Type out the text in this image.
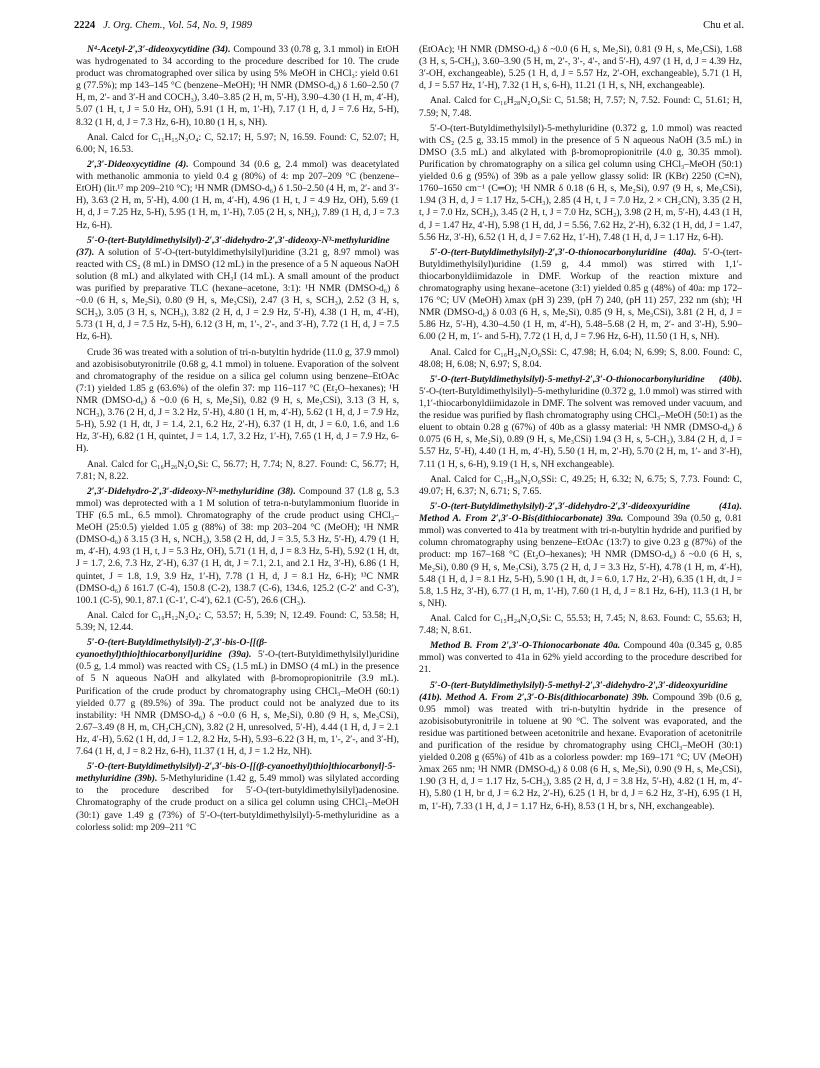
2224 J. Org. Chem., Vol. 54, No. 9, 1989	Chu et al.

N⁴-Acetyl-2′,3′-dideoxycytidine (34). Compound 33 (0.78 g, 3.1 mmol) in EtOH was hydrogenated to 34 according to the procedure described for 10. The crude product was chromatographed over silica by using 5% MeOH in CHCl₃: yield 0.61 g (77.5%); mp 143–145 °C (benzene–MeOH); ¹H NMR (DMSO-d₆) δ 1.60–2.50 (7 H, m, 2′- and 3′-H and COCH₃), 3.40–3.85 (2 H, m, 5′-H), 3.90–4.30 (1 H, m, 4′-H), 5.07 (1 H, t, J = 5.0 Hz, OH), 5.91 (1 H, m, 1′-H), 7.17 (1 H, d, J = 7.6 Hz, 5-H), 8.32 (1 H, d, J = 7.3 Hz, 6-H), 10.80 (1 H, s, NH).

Anal. Calcd for C₁₁H₁₅N₃O₄: C, 52.17; H, 5.97; N, 16.59. Found: C, 52.07; H, 6.00; N, 16.53.

2′,3′-Dideoxycytidine (4). Compound 34 (0.6 g, 2.4 mmol) was deacetylated with methanolic ammonia to yield 0.4 g (80%) of 4: mp 207–209 °C (benzene–EtOH) (lit.¹⁷ mp 209–210 °C); ¹H NMR (DMSO-d₆) δ 1.50–2.50 (4 H, m, 2′- and 3′-H), 3.63 (2 H, m, 5′-H), 4.00 (1 H, m, 4′-H), 4.96 (1 H, t, J = 4.9 Hz, OH), 5.69 (1 H, d, J = 7.25 Hz, 5-H), 5.95 (1 H, m, 1′-H), 7.05 (2 H, s, NH₂), 7.89 (1 H, d, J = 7.3 Hz, 6-H).

5′-O-(tert-Butyldimethylsilyl)-2′,3′-didehydro-2′,3′-dideoxy-N³-methyluridine (37). A solution of 5′-O-(tert-butyldimethylsilyl)uridine (3.21 g, 8.97 mmol) was reacted with CS₂ (8 mL) in DMSO (12 mL) in the presence of a 5 N aqueous NaOH solution (8 mL) and alkylated with CH₃I (14 mL). A small amount of the product was purified by preparative TLC (hexane–acetone, 3:1): ¹H NMR (DMSO-d₆) δ ~0.0 (6 H, s, Me₂Si), 0.80 (9 H, s, Me₃CSi), 2.47 (3 H, s, SCH₃), 2.52 (3 H, s, SCH₃), 3.05 (3 H, s, NCH₃), 3.82 (2 H, d, J = 2.9 Hz, 5′-H), 4.38 (1 H, m, 4′-H), 5.73 (1 H, d, J = 7.5 Hz, 5-H), 6.12 (3 H, m, 1′-, 2′-, and 3′-H), 7.72 (1 H, d, J = 7.5 Hz, 6-H).

Crude 36 was treated with a solution of tri-n-butyltin hydride (11.0 g, 37.9 mmol) and azobisisobutyronitrile (0.68 g, 4.1 mmol) in toluene. Evaporation of the solvent and chromatography of the residue on a silica gel column using benzene–EtOAc (7:1) yielded 1.85 g (63.6%) of the olefin 37: mp 116–117 °C (Et₂O–hexanes); ¹H NMR (DMSO-d₆) δ ~0.0 (6 H, s, Me₂Si), 0.82 (9 H, s, Me₃CSi), 3.13 (3 H, s, NCH₃), 3.76 (2 H, d, J = 3.2 Hz, 5′-H), 4.80 (1 H, m, 4′-H), 5.62 (1 H, d, J = 7.9 Hz, 5-H), 5.92 (1 H, dt, J = 1.4, 2.1, 6.2 Hz, 2′-H), 6.37 (1 H, dt, J = 6.0, 1.6, and 1.6 Hz, 3′-H), 6.82 (1 H, quintet, J = 1.4, 1.7, 3.2 Hz, 1′-H), 7.65 (1 H, d, J = 7.9 Hz, 6-H).

Anal. Calcd for C₁₆H₂₆N₂O₄Si: C, 56.77; H, 7.74; N, 8.27. Found: C, 56.77; H, 7.81; N, 8.22.

2′,3′-Didehydro-2′,3′-dideoxy-N³-methyluridine (38). Compound 37 (1.8 g, 5.3 mmol) was deprotected with a 1 M solution of tetra-n-butylammonium fluoride in THF (6.5 mL, 6.5 mmol). Chromatography of the crude product using CHCl₃–MeOH (25:0.5) yielded 1.05 g (88%) of 38: mp 203–204 °C (MeOH); ¹H NMR (DMSO-d₆) δ 3.15 (3 H, s, NCH₃), 3.58 (2 H, dd, J = 3.5, 5.3 Hz, 5′-H), 4.79 (1 H, m, 4′-H), 4.93 (1 H, t, J = 5.3 Hz, OH), 5.71 (1 H, d, J = 8.3 Hz, 5-H), 5.92 (1 H, dt, J = 1.7, 2.6, 7.3 Hz, 2′-H), 6.37 (1 H, dt, J = 7.1, 2.1, and 2.1 Hz, 3′-H), 6.86 (1 H, quintet, J = 1.8, 1.9, 3.9 Hz, 1′-H), 7.78 (1 H, d, J = 8.1 Hz, 6-H); ¹³C NMR (DMSO-d₆) δ 161.7 (C-4), 150.8 (C-2), 138.7 (C-6), 134.6, 125.2 (C-2′ and C-3′), 100.1 (C-5), 90.1, 87.1 (C-1′, C-4′), 62.1 (C-5′), 26.6 (CH₃).

Anal. Calcd for C₁₀H₁₂N₂O₄: C, 53.57; H, 5.39; N, 12.49. Found: C, 53.58; H, 5.39; N, 12.44.

5′-O-(tert-Butyldimethylsilyl)-2′,3′-bis-O-[[(β-cyanoethyl)thio]thiocarbonyl]uridine (39a). 5′-O-(tert-Butyldimethylsilyl)uridine (0.5 g, 1.4 mmol) was reacted with CS₂ (1.5 mL) in DMSO (4 mL) in the presence of 5 N aqueous NaOH and alkylated with β-bromopropionitrile (3.9 mL). Purification of the crude product by chromatography using CHCl₃–MeOH (60:1) yielded 0.77 g (89.5%) of 39a. The product could not be analyzed due to its instability: ¹H NMR (DMSO-d₆) δ ~0.0 (6 H, s, Me₂Si), 0.80 (9 H, s, Me₃CSi), 2.67–3.49 (8 H, m, CH₂CH₂CN), 3.82 (2 H, unresolved, 5′-H), 4.44 (1 H, d, J = 2.1 Hz, 4′-H), 5.62 (1 H, dd, J = 1.2, 8.2 Hz, 5-H), 5.93–6.22 (3 H, m, 1′-, 2′-, and 3′-H), 7.64 (1 H, d, J = 8.2 Hz, 6-H), 11.37 (1 H, d, J = 1.2 Hz, NH).

5′-O-(tert-Butyldimethylsilyl)-2′,3′-bis-O-[[(β-cyanoethyl)thio]thiocarbonyl]-5-methyluridine (39b). 5-Methyluridine (1.42 g, 5.49 mmol) was silylated according to the procedure described for 5′-O-(tert-butyldimethylsilyl)adenosine. Chromatography of the crude product on a silica gel column using CHCl₃–MeOH (30:1) gave 1.49 g (73%) of 5′-O-(tert-butyldimethylsilyl)-5-methyluridine as a colorless solid: mp 209–211 °C

(EtOAc); ¹H NMR (DMSO-d₆) δ ~0.0 (6 H, s, Me₂Si), 0.81 (9 H, s, Me₃CSi), 1.68 (3 H, s, 5-CH₃), 3.60–3.90 (5 H, m, 2′-, 3′-, 4′-, and 5′-H), 4.97 (1 H, d, J = 4.39 Hz, 3′-OH, exchangeable), 5.25 (1 H, d, J = 5.57 Hz, 2′-OH, exchangeable), 5.71 (1 H, d, J = 5.57 Hz, 1′-H), 7.32 (1 H, s, 6-H), 11.21 (1 H, s, NH, exchangeable).

Anal. Calcd for C₁₆H₂₈N₂O₆Si: C, 51.58; H, 7.57; N, 7.52. Found: C, 51.61; H, 7.59; N, 7.48.

5′-O-(tert-Butyldimethylsilyl)-5-methyluridine (0.372 g, 1.0 mmol) was reacted with CS₂ (2.5 g, 33.15 mmol) in the presence of 5 N aqueous NaOH (3.5 mL) in DMSO (3.5 mL) and alkylated with β-bromopropionitrile (4.0 g, 30.35 mmol). Purification by chromatography on a silica gel column using CHCl₃–MeOH (50:1) yielded 0.6 g (95%) of 39b as a pale yellow glassy solid: IR (KBr) 2250 (C≡N), 1760–1650 cm⁻¹ (C═O); ¹H NMR δ 0.18 (6 H, s, Me₂Si), 0.97 (9 H, s, Me₃CSi), 1.94 (3 H, d, J = 1.17 Hz, 5-CH₃), 2.85 (4 H, t, J = 7.0 Hz, 2 × CH₂CN), 3.35 (2 H, t, J = 7.0 Hz, SCH₂), 3.45 (2 H, t, J = 7.0 Hz, SCH₂), 3.98 (2 H, m, 5′-H), 4.43 (1 H, d, J = 1.47 Hz, 4′-H), 5.98 (1 H, dd, J = 5.56, 7.62 Hz, 2′-H), 6.32 (1 H, dd, J = 1.47, 5.56 Hz, 3′-H), 6.52 (1 H, d, J = 7.62 Hz, 1′-H), 7.48 (1 H, d, J = 1.17 Hz, 6-H).

5′-O-(tert-Butyldimethylsilyl)-2′,3′-O-thionocarbonyluridine (40a). 5′-O-(tert-Butyldimethylsilyl)uridine (1.59 g, 4.4 mmol) was stirred with 1,1′-thiocarbonyldiimidazole in DMF. Workup of the reaction mixture and chromatography using hexane–acetone (3:1) yielded 0.85 g (48%) of 40a: mp 172–176 °C; UV (MeOH) λmax (pH 3) 239, (pH 7) 240, (pH 11) 257, 232 nm (sh); ¹H NMR (DMSO-d₆) δ 0.03 (6 H, s, Me₂Si), 0.85 (9 H, s, Me₃CSi), 3.81 (2 H, d, J = 5.86 Hz, 5′-H), 4.30–4.50 (1 H, m, 4′-H), 5.48–5.68 (2 H, m, 2′- and 3′-H), 5.90–6.00 (2 H, m, 1′- and 5-H), 7.72 (1 H, d, J = 7.96 Hz, 6-H), 11.50 (1 H, s, NH).

Anal. Calcd for C₁₆H₂₄N₂O₆SSi: C, 47.98; H, 6.04; N, 6.99; S, 8.00. Found: C, 48.08; H, 6.08; N, 6.97; S, 8.04.

5′-O-(tert-Butyldimethylsilyl)-5-methyl-2′,3′-O-thionocarbonyluridine (40b). 5′-O-(tert-Butyldimethylsilyl)–5-methyluridine (0.372 g, 1.0 mmol) was stirred with 1,1′-thiocarbonyldiimidazole in DMF. The solvent was removed under vacuum, and the residue was purified by flash chromatography using CHCl₃–MeOH (50:1) as the eluent to obtain 0.28 g (67%) of 40b as a glassy material: ¹H NMR (DMSO-d₆) δ 0.075 (6 H, s, Me₂Si), 0.89 (9 H, s, Me₃CSi) 1.94 (3 H, s, 5-CH₃), 3.84 (2 H, d, J = 5.57 Hz, 5′-H), 4.40 (1 H, m, 4′-H), 5.50 (1 H, m, 2′-H), 5.70 (2 H, m, 1′- and 3′-H), 7.11 (1 H, s, 6-H), 9.19 (1 H, s, NH exchangeable).

Anal. Calcd for C₁₇H₂₆N₂O₆SSi: C, 49.25; H, 6.32; N, 6.75; S, 7.73. Found: C, 49.07; H, 6.37; N, 6.71; S, 7.65.

5′-O-(tert-Butyldimethylsilyl)-2′,3′-didehydro-2′,3′-dideoxyuridine (41a). Method A. From 2′,3′-O-Bis(dithiocarbonate) 39a. Compound 39a (0.50 g, 0.81 mmol) was converted to 41a by treatment with tri-n-butyltin hydride and purified by column chromatography using benzene–EtOAc (13:7) to give 0.23 g (87%) of the product: mp 167–168 °C (Et₂O–hexanes); ¹H NMR (DMSO-d₆) δ ~0.0 (6 H, s, Me₂Si), 0.80 (9 H, s, Me₃CSi), 3.75 (2 H, d, J = 3.3 Hz, 5′-H), 4.78 (1 H, m, 4′-H), 5.48 (1 H, d, J = 8.1 Hz, 5-H), 5.90 (1 H, dt, J = 6.0, 1.7 Hz, 2′-H), 6.35 (1 H, dt, J = 5.8, 1.5 Hz, 3′-H), 6.77 (1 H, m, 1′-H), 7.60 (1 H, d, J = 8.1 Hz, 6-H), 11.3 (1 H, br s, NH).

Anal. Calcd for C₁₅H₂₄N₂O₄Si: C, 55.53; H, 7.45; N, 8.63. Found: C, 55.63; H, 7.48; N, 8.61.

Method B. From 2′,3′-O-Thionocarbonate 40a. Compound 40a (0.345 g, 0.85 mmol) was converted to 41a in 62% yield according to the procedure described for 21.

5′-O-(tert-Butyldimethylsilyl)-5-methyl-2′,3′-didehydro-2′,3′-dideoxyuridine (41b). Method A. From 2′,3′-O-Bis(dithiocarbonate) 39b. Compound 39b (0.6 g, 0.95 mmol) was treated with tri-n-butyltin hydride in the presence of azobisisobutyronitrile in toluene at 90 °C. The solvent was evaporated, and the residue was partitioned between acetonitrile and hexane. Evaporation of acetonitrile and purification of the residue by chromatography using CHCl₃–MeOH (30:1) yielded 0.208 g (65%) of 41b as a colorless powder: mp 169–171 °C; UV (MeOH) λmax 265 nm; ¹H NMR (DMSO-d₆) δ 0.08 (6 H, s, Me₂Si), 0.90 (9 H, s, Me₃CSi), 1.90 (3 H, d, J = 1.17 Hz, 5-CH₃), 3.85 (2 H, d, J = 3.8 Hz, 5′-H), 4.82 (1 H, m, 4′-H), 5.80 (1 H, br d, J = 6.2 Hz, 2′-H), 6.25 (1 H, br d, J = 6.2 Hz, 3′-H), 6.95 (1 H, m, 1′-H), 7.33 (1 H, d, J = 1.17 Hz, 6-H), 8.53 (1 H, br s, NH, exchangeable).
